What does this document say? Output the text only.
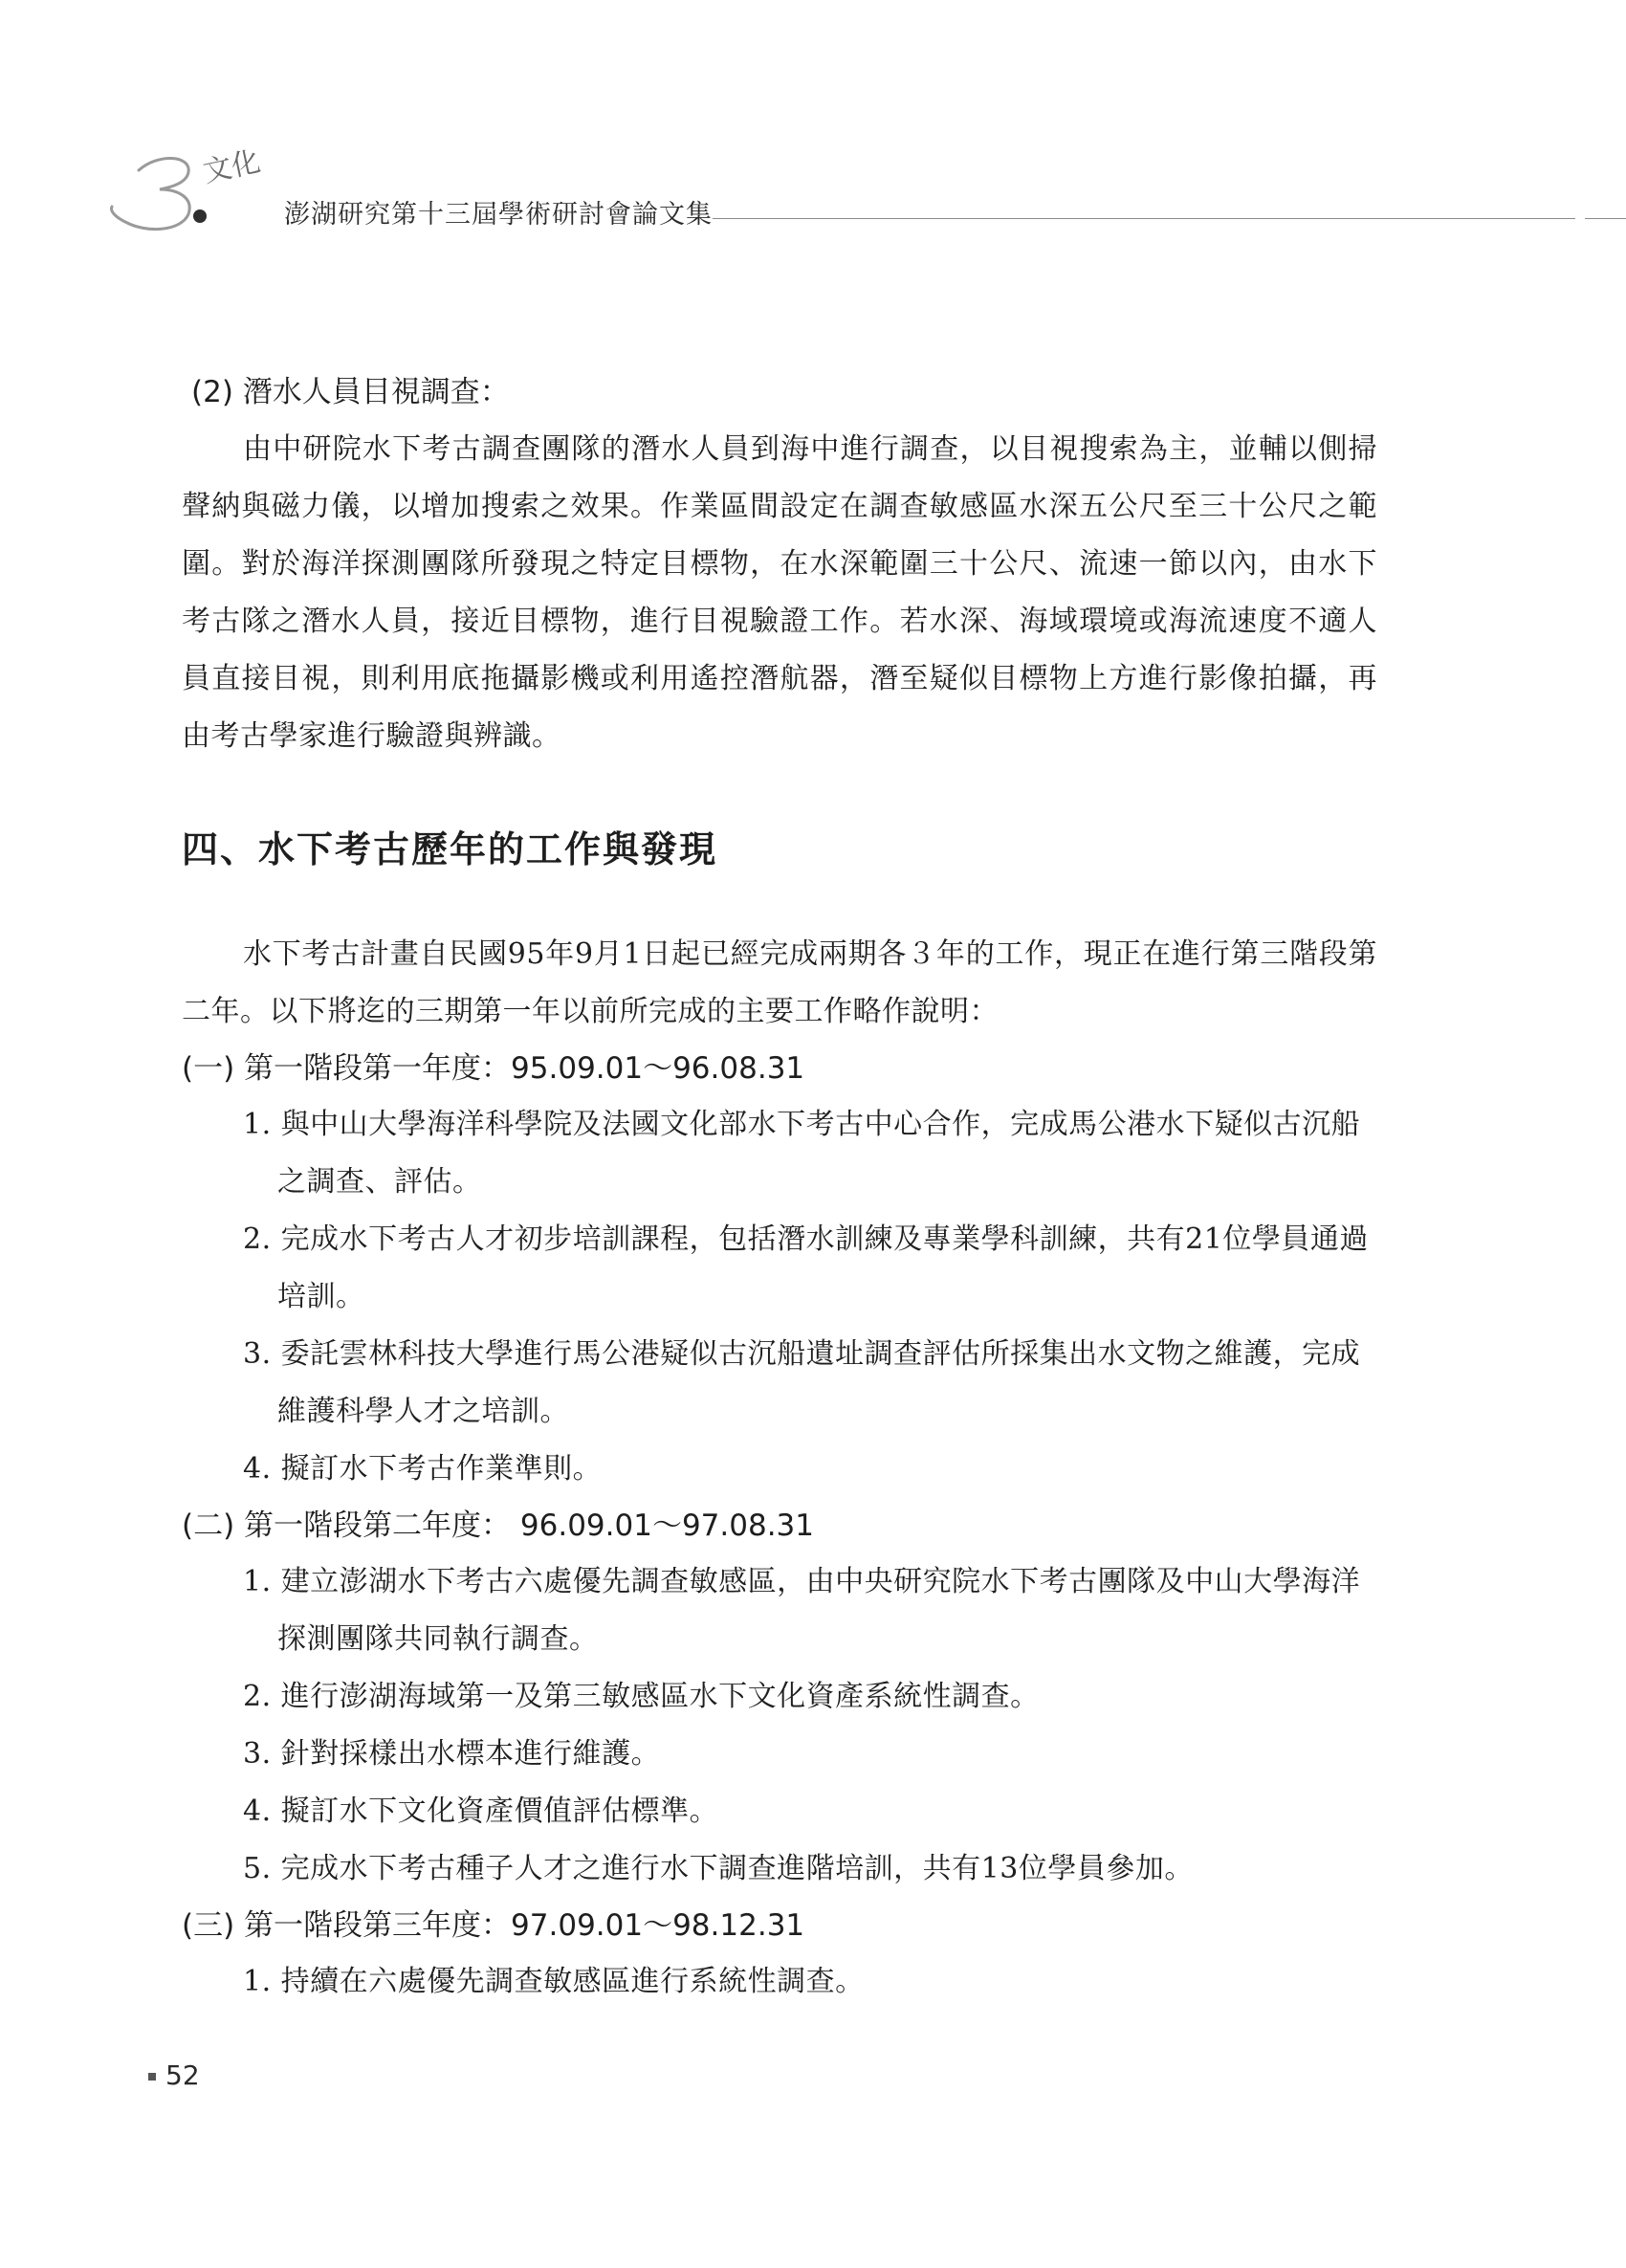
文化
澎湖研究第十三屆學術研討會論文集

(2) 潛水人員目視調查：

由中研院水下考古調查團隊的潛水人員到海中進行調查，以目視搜索為主，並輔以側掃聲納與磁力儀，以增加搜索之效果。作業區間設定在調查敏感區水深五公尺至三十公尺之範圍。對於海洋探測團隊所發現之特定目標物，在水深範圍三十公尺、流速一節以內，由水下考古隊之潛水人員，接近目標物，進行目視驗證工作。若水深、海域環境或海流速度不適人員直接目視，則利用底拖攝影機或利用遙控潛航器，潛至疑似目標物上方進行影像拍攝，再由考古學家進行驗證與辨識。

四、水下考古歷年的工作與發現

水下考古計畫自民國95年9月1日起已經完成兩期各３年的工作，現正在進行第三階段第二年。以下將迄的三期第一年以前所完成的主要工作略作說明：

(一) 第一階段第一年度：95.09.01～96.08.31

1. 與中山大學海洋科學院及法國文化部水下考古中心合作，完成馬公港水下疑似古沉船之調查、評估。

2. 完成水下考古人才初步培訓課程，包括潛水訓練及專業學科訓練，共有21位學員通過培訓。

3. 委託雲林科技大學進行馬公港疑似古沉船遺址調查評估所採集出水文物之維護，完成維護科學人才之培訓。

4. 擬訂水下考古作業準則。

(二) 第一階段第二年度： 96.09.01～97.08.31

1. 建立澎湖水下考古六處優先調查敏感區，由中央研究院水下考古團隊及中山大學海洋探測團隊共同執行調查。

2. 進行澎湖海域第一及第三敏感區水下文化資產系統性調查。

3. 針對採樣出水標本進行維護。

4. 擬訂水下文化資產價值評估標準。

5. 完成水下考古種子人才之進行水下調查進階培訓，共有13位學員參加。

(三) 第一階段第三年度：97.09.01～98.12.31

1. 持續在六處優先調查敏感區進行系統性調查。

52
